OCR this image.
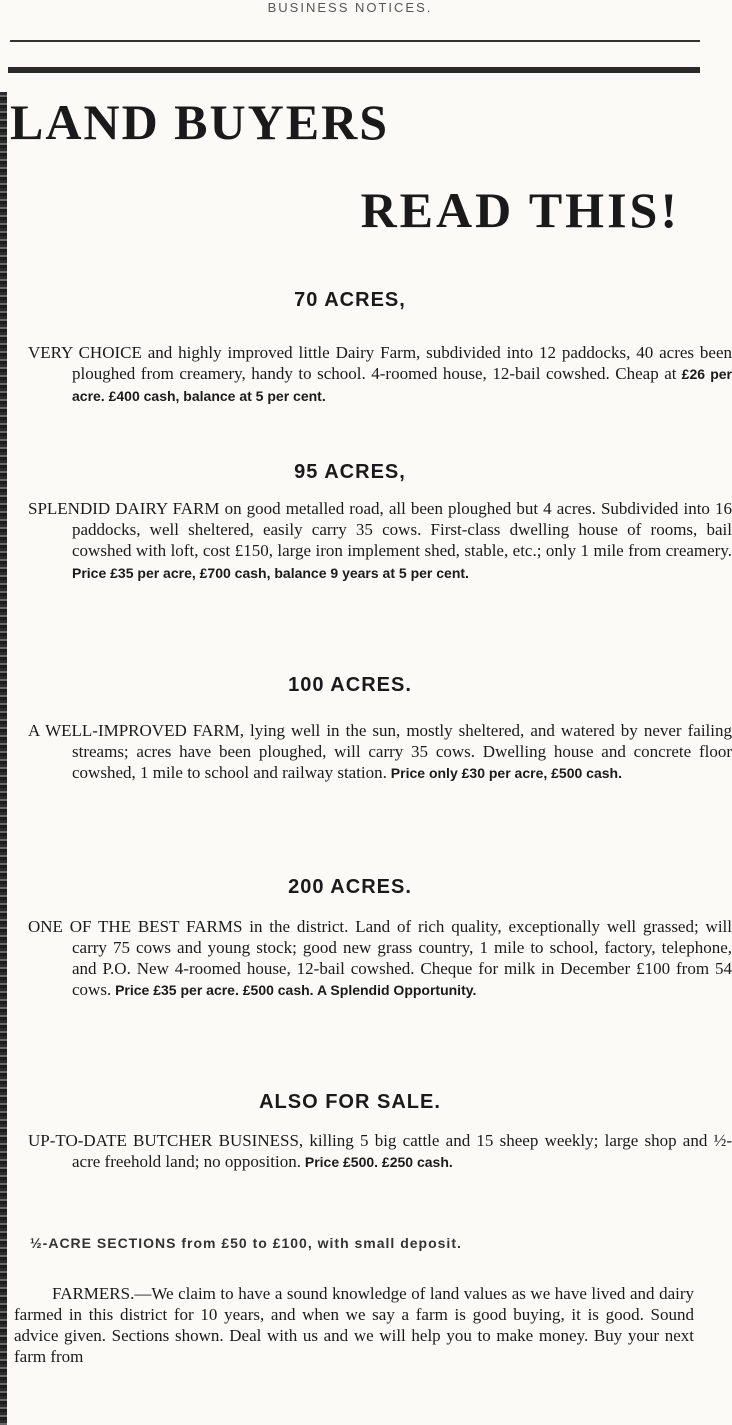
BUSINESS NOTICES.
LAND BUYERS
READ THIS!
70 ACRES,

VERY CHOICE and highly improved little Dairy Farm, subdivided into 12 paddocks, 40 acres been ploughed from creamery, handy to school. 4-roomed house, 12-bail cowshed. Cheap at £26 per acre. £400 cash, balance at 5 per cent.

95 ACRES,

SPLENDID DAIRY FARM on good metalled road, all been ploughed but 4 acres. Subdivided into 16 paddocks, well sheltered, easily carry 35 cows. First-class dwelling house of rooms, bail cowshed with loft, cost £150, large iron implement shed, stable, etc.; only 1 mile from creamery. Price £35 per acre, £700 cash, balance 9 years at 5 per cent.

100 ACRES.

A WELL-IMPROVED FARM, lying well in the sun, mostly sheltered, and watered by never failing streams; acres have been ploughed, will carry 35 cows. Dwelling house and concrete floor cowshed, 1 mile to school and railway station. Price only £30 per acre, £500 cash.

200 ACRES.

ONE OF THE BEST FARMS in the district. Land of rich quality, exceptionally well grassed; will carry 75 cows and young stock; good new grass country, 1 mile to school, factory, telephone, and P.O. New 4-roomed house, 12-bail cowshed. Cheque for milk in December £100 from 54 cows. Price £35 per acre. £500 cash. A Splendid Opportunity.

ALSO FOR SALE.

UP-TO-DATE BUTCHER BUSINESS, killing 5 big cattle and 15 sheep weekly; large shop and ½-acre freehold land; no opposition. Price £500. £250 cash.

½-ACRE SECTIONS from £50 to £100, with small deposit.

FARMERS.—We claim to have a sound knowledge of land values as we have lived and dairy farmed in this district for 10 years, and when we say a farm is good buying, it is good. Sound advice given. Sections shown. Deal with us and we will help you to make money. Buy your next farm from
